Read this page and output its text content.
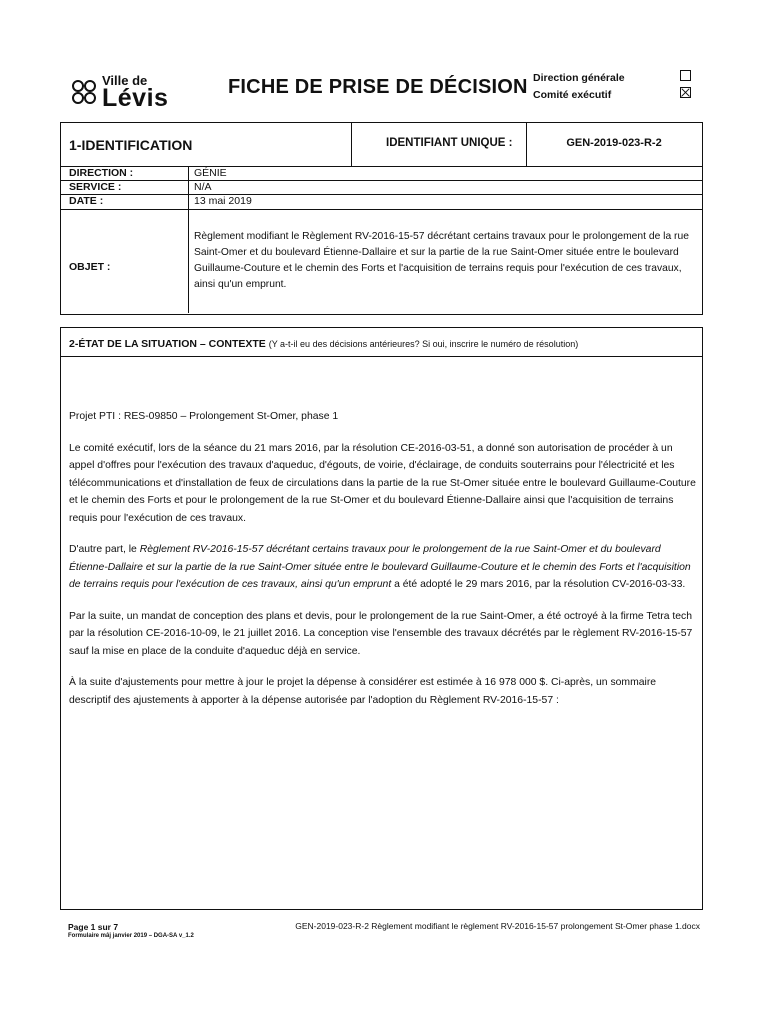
Ville de
Lévis	FICHE DE PRISE DE DÉCISION Direction générale
Comité exécutif
1-IDENTIFICATION	IDENTIFIANT UNIQUE :	GEN-2019-023-R-2
DIRECTION :	GÉNIE
SERVICE :	N/A
DATE :	13 mai 2019
OBJET :
Règlement modifiant le Règlement RV-2016-15-57 décrétant certains travaux pour le prolongement de la rue Saint-Omer et du boulevard Étienne-Dallaire et sur la partie de la rue Saint-Omer située entre le boulevard Guillaume-Couture et le chemin des Forts et l'acquisition de terrains requis pour l'exécution de ces travaux, ainsi qu'un emprunt.
2-ÉTAT DE LA SITUATION – CONTEXTE (Y a-t-il eu des décisions antérieures? Si oui, inscrire le numéro de résolution)

Projet PTI : RES-09850 – Prolongement St-Omer, phase 1

Le comité exécutif, lors de la séance du 21 mars 2016, par la résolution CE-2016-03-51, a donné son autorisation de procéder à un appel d'offres pour l'exécution des travaux d'aqueduc, d'égouts, de voirie, d'éclairage, de conduits souterrains pour l'électricité et les télécommunications et d'installation de feux de circulations dans la partie de la rue St-Omer située entre le boulevard Guillaume-Couture et le chemin des Forts et pour le prolongement de la rue St-Omer et du boulevard Étienne-Dallaire ainsi que l'acquisition de terrains requis pour l'exécution de ces travaux.

D'autre part, le Règlement RV-2016-15-57 décrétant certains travaux pour le prolongement de la rue Saint-Omer et du boulevard Étienne-Dallaire et sur la partie de la rue Saint-Omer située entre le boulevard Guillaume-Couture et le chemin des Forts et l'acquisition de terrains requis pour l'exécution de ces travaux, ainsi qu'un emprunt a été adopté le 29 mars 2016, par la résolution CV-2016-03-33.

Par la suite, un mandat de conception des plans et devis, pour le prolongement de la rue Saint-Omer, a été octroyé à la firme Tetra tech par la résolution CE-2016-10-09, le 21 juillet 2016. La conception vise l'ensemble des travaux décrétés par le règlement RV-2016-15-57 sauf la mise en place de la conduite d'aqueduc déjà en service.

À la suite d'ajustements pour mettre à jour le projet la dépense à considérer est estimée à 16 978 000 $. Ci-après, un sommaire descriptif des ajustements à apporter à la dépense autorisée par l'adoption du Règlement RV-2016-15-57 :

Page 1 sur 7
Formulaire mâj janvier 2019 – DGA-SA v_1.2
GEN-2019-023-R-2 Règlement modifiant le règlement RV-2016-15-57 prolongement St-Omer phase 1.docx
